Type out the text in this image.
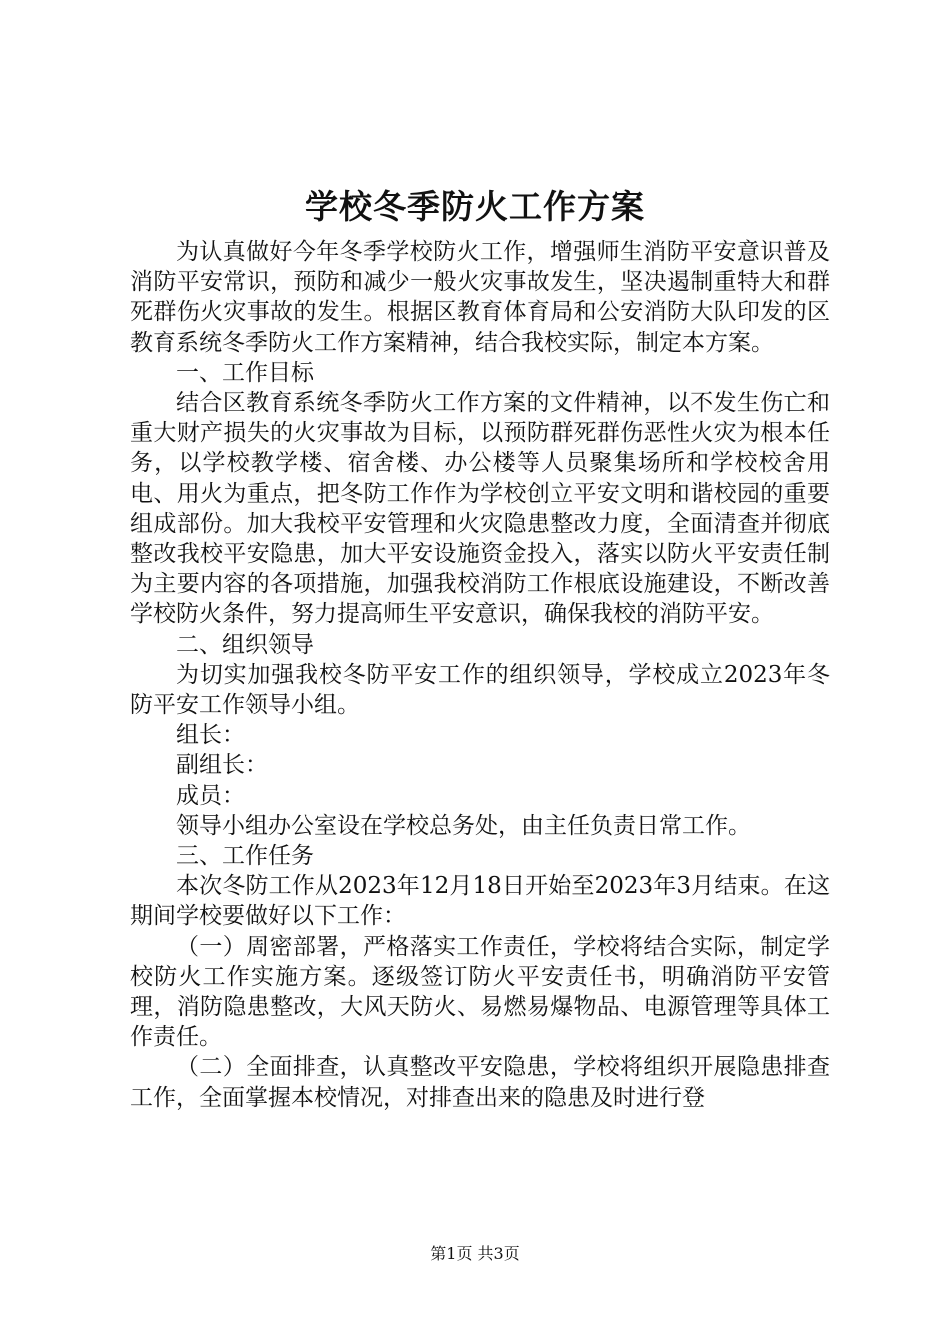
学校冬季防火工作方案

为认真做好今年冬季学校防火工作，增强师生消防平安意识普及消防平安常识，预防和减少一般火灾事故发生，坚决遏制重特大和群死群伤火灾事故的发生。根据区教育体育局和公安消防大队印发的区教育系统冬季防火工作方案精神，结合我校实际，制定本方案。

一、工作目标

结合区教育系统冬季防火工作方案的文件精神，以不发生伤亡和重大财产损失的火灾事故为目标，以预防群死群伤恶性火灾为根本任务，以学校教学楼、宿舍楼、办公楼等人员聚集场所和学校校舍用电、用火为重点，把冬防工作作为学校创立平安文明和谐校园的重要组成部份。加大我校平安管理和火灾隐患整改力度，全面清查并彻底整改我校平安隐患，加大平安设施资金投入，落实以防火平安责任制为主要内容的各项措施，加强我校消防工作根底设施建设，不断改善学校防火条件，努力提高师生平安意识，确保我校的消防平安。

二、组织领导

为切实加强我校冬防平安工作的组织领导，学校成立2023年冬防平安工作领导小组。

组长：

副组长：

成员：

领导小组办公室设在学校总务处，由主任负责日常工作。

三、工作任务

本次冬防工作从2023年12月18日开始至2023年3月结束。在这期间学校要做好以下工作：

（一）周密部署，严格落实工作责任，学校将结合实际，制定学校防火工作实施方案。逐级签订防火平安责任书，明确消防平安管理，消防隐患整改，大风天防火、易燃易爆物品、电源管理等具体工作责任。

（二）全面排查，认真整改平安隐患，学校将组织开展隐患排查工作，全面掌握本校情况，对排查出来的隐患及时进行登

第1页 共3页
